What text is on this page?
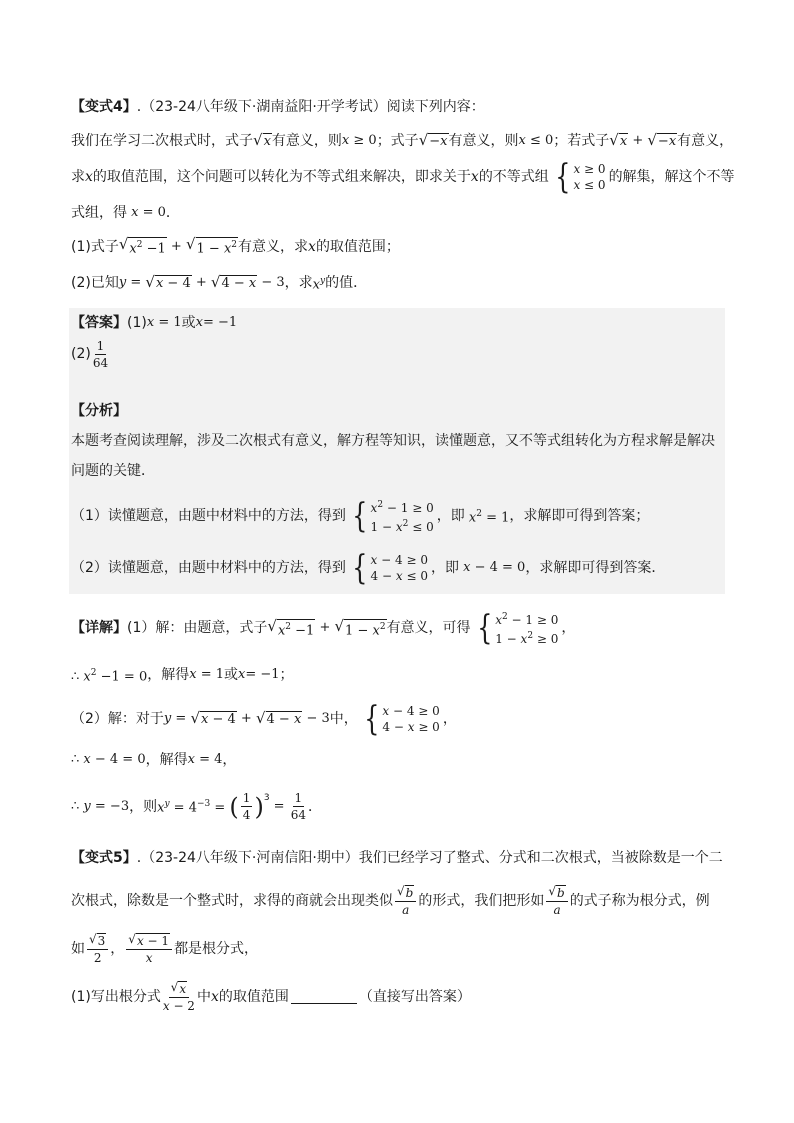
【变式4】 .（23-24八年级下·湖南益阳·开学考试）阅读下列内容：
我们在学习二次根式时，式子 √ x 有意义，则 x ≥ 0 ；式子 √ −x 有意义，则 x ≤ 0 ；若式子 √ x + √ −x 有意义，
求 x 的取值范围，这个问题可以转化为不等式组来解决，即求关于 x 的不等式组 { x ≥ 0
x ≤ 0 的解集，解这个不等
式组，得 x = 0 ．
(1)式子 √ $x^2 -1$ + √ $1 - x^2$ 有意义，求 x 的取值范围；
(2)已知 y = √ x − 4 + √ 4 − x − 3 ，求 $x^y$ 的值．
【答案】 (1) x = 1 或 x= −1
$(2) \frac{1}{64}$
【分析】
本题考查阅读理解，涉及二次根式有意义，解方程等知识，读懂题意，又不等式组转化为方程求解是解决
问题的关键．
（1）读懂题意，由题中材料中的方法，得到 { $x^2 - 1 \ge 0$
$1 - x^2 \le 0$
，即 $x^2 = 1$ ，求解即可得到答案；
（2）读懂题意，由题中材料中的方法，得到 { x − 4 ≥ 0
4 − x ≤ 0 ，即 x − 4 = 0 ，求解即可得到答案．
【详解】 (1）解：由题意，式子 √ $x^2 -1$ + √ $1 - x^2$ 有意义，可得 { $x^2 - 1 \ge 0$
$1 - x^2 \ge 0$
，
∴ $x^2 -1 = 0$ ，解得 x = 1 或 x= −1 ；
（2）解：对于 y = √ x − 4 + √ 4 − x − 3 中， { x − 4 ≥ 0
4 − x ≥ 0 ，
∴ x − 4 = 0 ，解得 x = 4 ，
∴ y = −3 ，则 $x^y = 4^{-3}$ = ( $\frac{1}{4} )^3$
= $\frac{1}{64}$ ．
【变式5】 .（23-24八年级下·河南信阳·期中）我们已经学习了整式、分式和二次根式，当被除数是一个二
次根式，除数是一个整式时，求得的商就会出现类似 $\frac{√ b}{a}$ 的形式，我们把形如 $\frac{√ b}{a}$ 的式子称为根分式，例
如 $\frac{√ 3}{2}$ ， $\frac{√ x - 1}{x}$ 都是根分式，
(1)写出根分式 $\frac{√ x}{x - 2}$ 中 x 的取值范围	（直接写出答案）
